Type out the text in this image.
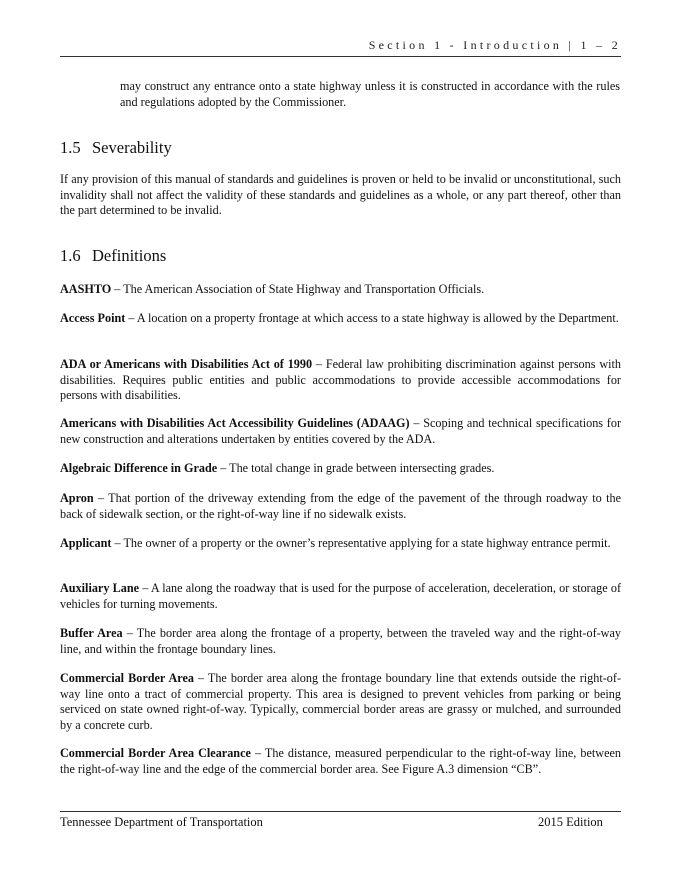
Section 1 - Introduction | 1 – 2
may construct any entrance onto a state highway unless it is constructed in accordance with the rules and regulations adopted by the Commissioner.
1.5 Severability
If any provision of this manual of standards and guidelines is proven or held to be invalid or unconstitutional, such invalidity shall not affect the validity of these standards and guidelines as a whole, or any part thereof, other than the part determined to be invalid.
1.6 Definitions
AASHTO – The American Association of State Highway and Transportation Officials.
Access Point – A location on a property frontage at which access to a state highway is allowed by the Department.
ADA or Americans with Disabilities Act of 1990 – Federal law prohibiting discrimination against persons with disabilities. Requires public entities and public accommodations to provide accessible accommodations for persons with disabilities.
Americans with Disabilities Act Accessibility Guidelines (ADAAG) – Scoping and technical specifications for new construction and alterations undertaken by entities covered by the ADA.
Algebraic Difference in Grade – The total change in grade between intersecting grades.
Apron – That portion of the driveway extending from the edge of the pavement of the through roadway to the back of sidewalk section, or the right-of-way line if no sidewalk exists.
Applicant – The owner of a property or the owner’s representative applying for a state highway entrance permit.
Auxiliary Lane – A lane along the roadway that is used for the purpose of acceleration, deceleration, or storage of vehicles for turning movements.
Buffer Area – The border area along the frontage of a property, between the traveled way and the right-of-way line, and within the frontage boundary lines.
Commercial Border Area – The border area along the frontage boundary line that extends outside the right-of-way line onto a tract of commercial property. This area is designed to prevent vehicles from parking or being serviced on state owned right-of-way. Typically, commercial border areas are grassy or mulched, and surrounded by a concrete curb.
Commercial Border Area Clearance – The distance, measured perpendicular to the right-of-way line, between the right-of-way line and the edge of the commercial border area. See Figure A.3 dimension “CB”.
Tennessee Department of Transportation	2015 Edition
